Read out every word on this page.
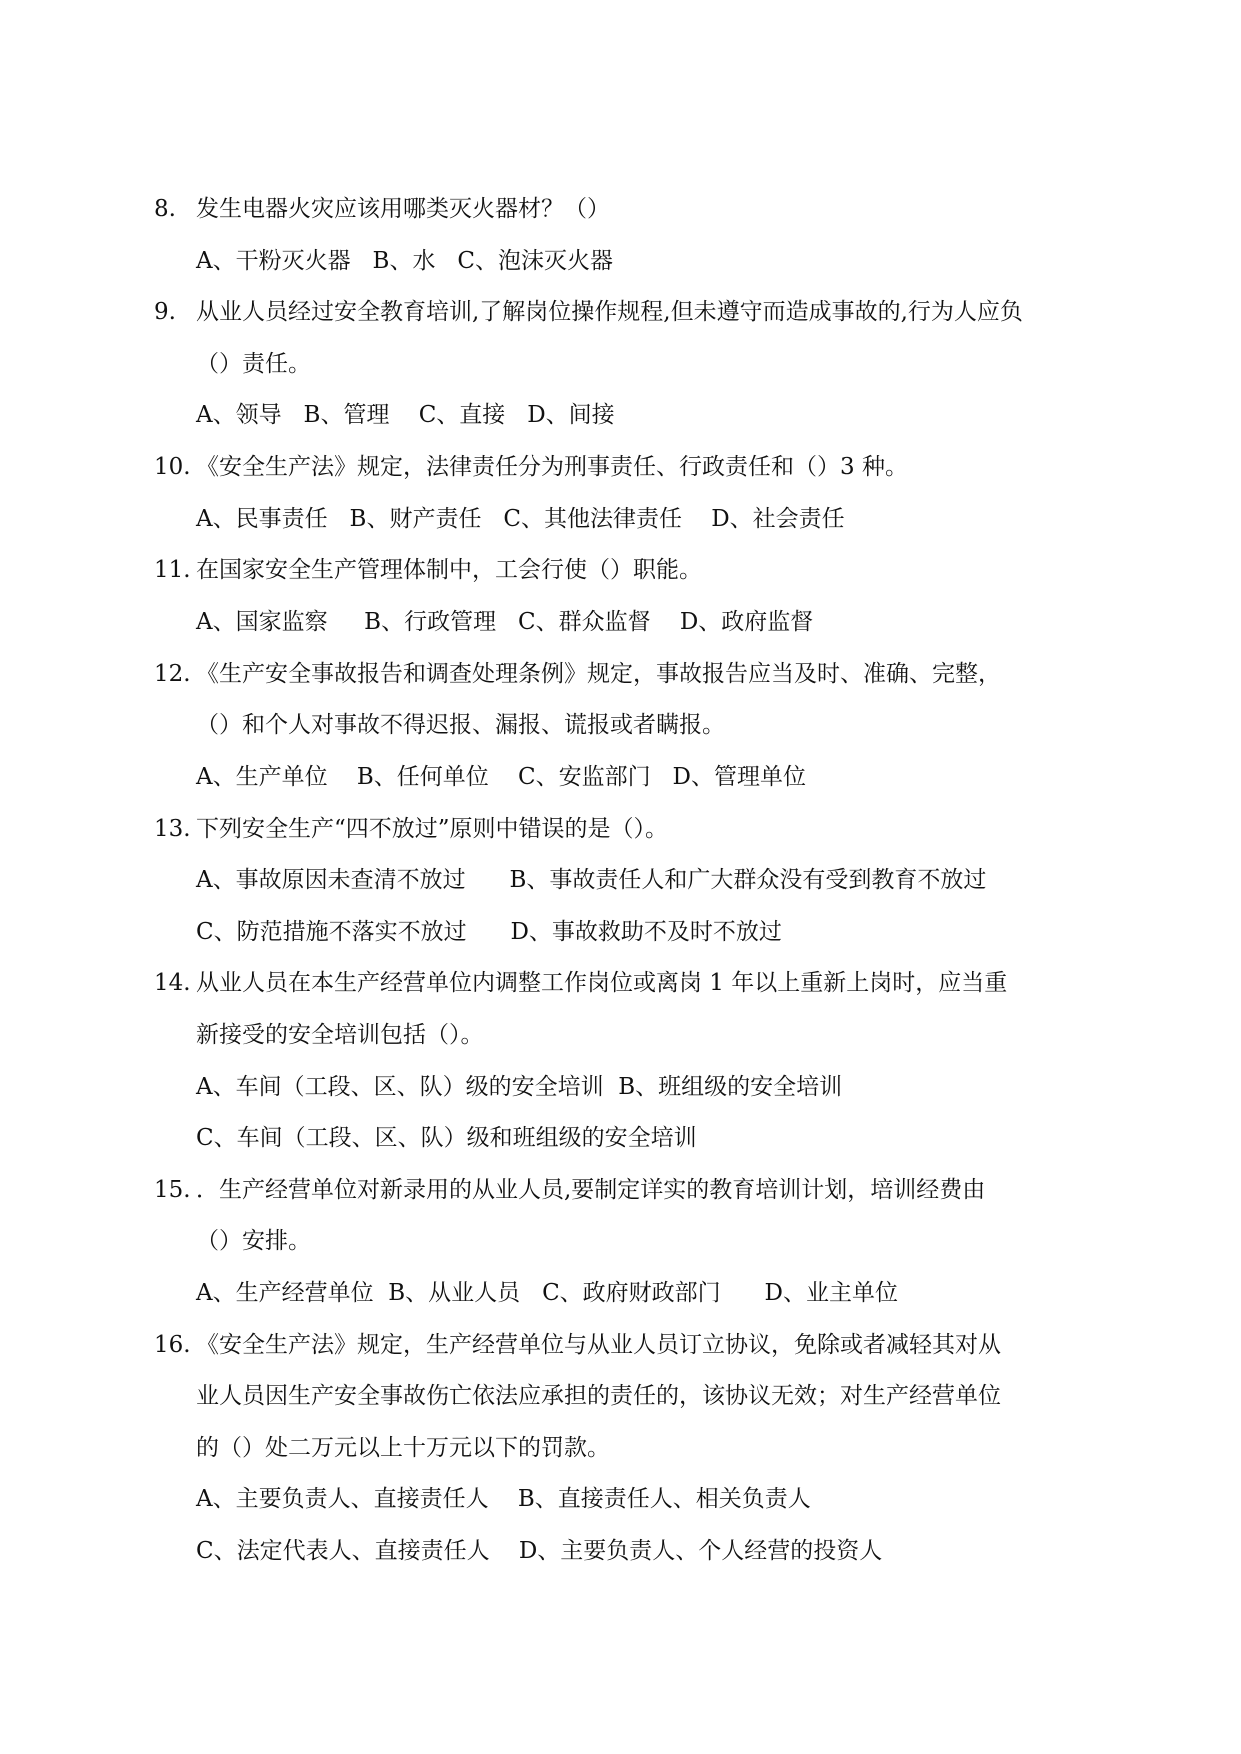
8. 发生电器火灾应该用哪类灭火器材？（）
A、干粉灭火器   B、水   C、泡沫灭火器
9. 从业人员经过安全教育培训,了解岗位操作规程,但未遵守而造成事故的,行为人应负
（）责任。
A、领导   B、管理    C、直接   D、间接
10. 《安全生产法》规定，法律责任分为刑事责任、行政责任和（）3 种。
A、民事责任   B、财产责任   C、其他法律责任    D、社会责任
11. 在国家安全生产管理体制中，工会行使（）职能。
A、国家监察     B、行政管理   C、群众监督    D、政府监督
12. 《生产安全事故报告和调查处理条例》规定，事故报告应当及时、准确、完整，
（）和个人对事故不得迟报、漏报、谎报或者瞒报。
A、生产单位    B、任何单位    C、安监部门   D、管理单位
13. 下列安全生产“四不放过”原则中错误的是（）。
A、事故原因未查清不放过      B、事故责任人和广大群众没有受到教育不放过
C、防范措施不落实不放过      D、事故救助不及时不放过
14. 从业人员在本生产经营单位内调整工作岗位或离岗 1 年以上重新上岗时，应当重
新接受的安全培训包括（）。
A、车间（工段、区、队）级的安全培训  B、班组级的安全培训
C、车间（工段、区、队）级和班组级的安全培训
15. ．生产经营单位对新录用的从业人员,要制定详实的教育培训计划，培训经费由
（）安排。
A、生产经营单位  B、从业人员   C、政府财政部门      D、业主单位
16. 《安全生产法》规定，生产经营单位与从业人员订立协议，免除或者减轻其对从
业人员因生产安全事故伤亡依法应承担的责任的，该协议无效；对生产经营单位
的（）处二万元以上十万元以下的罚款。
A、主要负责人、直接责任人    B、直接责任人、相关负责人
C、法定代表人、直接责任人    D、主要负责人、个人经营的投资人
